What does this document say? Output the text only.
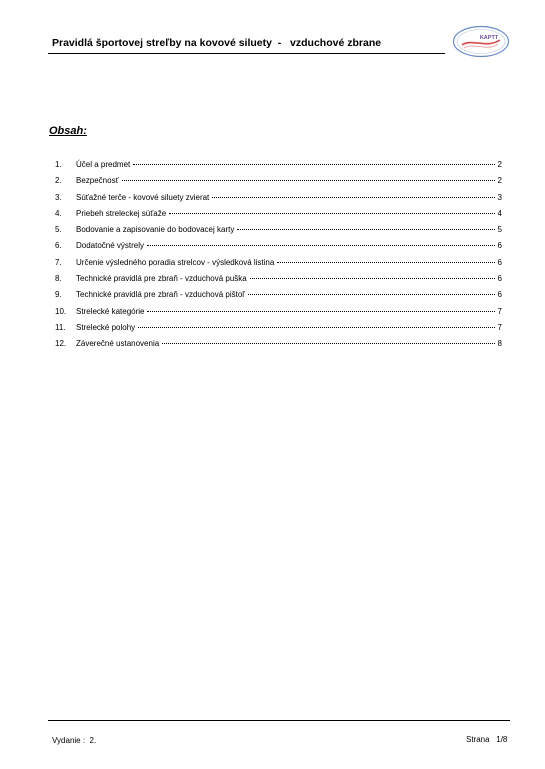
Pravidlá športovej streľby na kovové siluety  -   vzduchové zbrane	KAPTT
Obsah:
1.	Účel a predmet	2
2.	Bezpečnosť	2
3.	Súťažné terče - kovové siluety zvierat	3
4.	Priebeh streleckej súťaže	4
5.	Bodovanie a zapisovanie do bodovacej karty	5
6.	Dodatočné výstrely	6
7.	Určenie výsledného poradia strelcov - výsledková listina	6
8.	Technické pravidlá pre zbraň - vzduchová puška	6
9.	Technické pravidlá pre zbraň - vzduchová pištoľ	6
10.	Strelecké kategórie	7
11.	Strelecké polohy	7
12.	Záverečné ustanovenia	8
Vydanie :  2.	Strana   1/8
